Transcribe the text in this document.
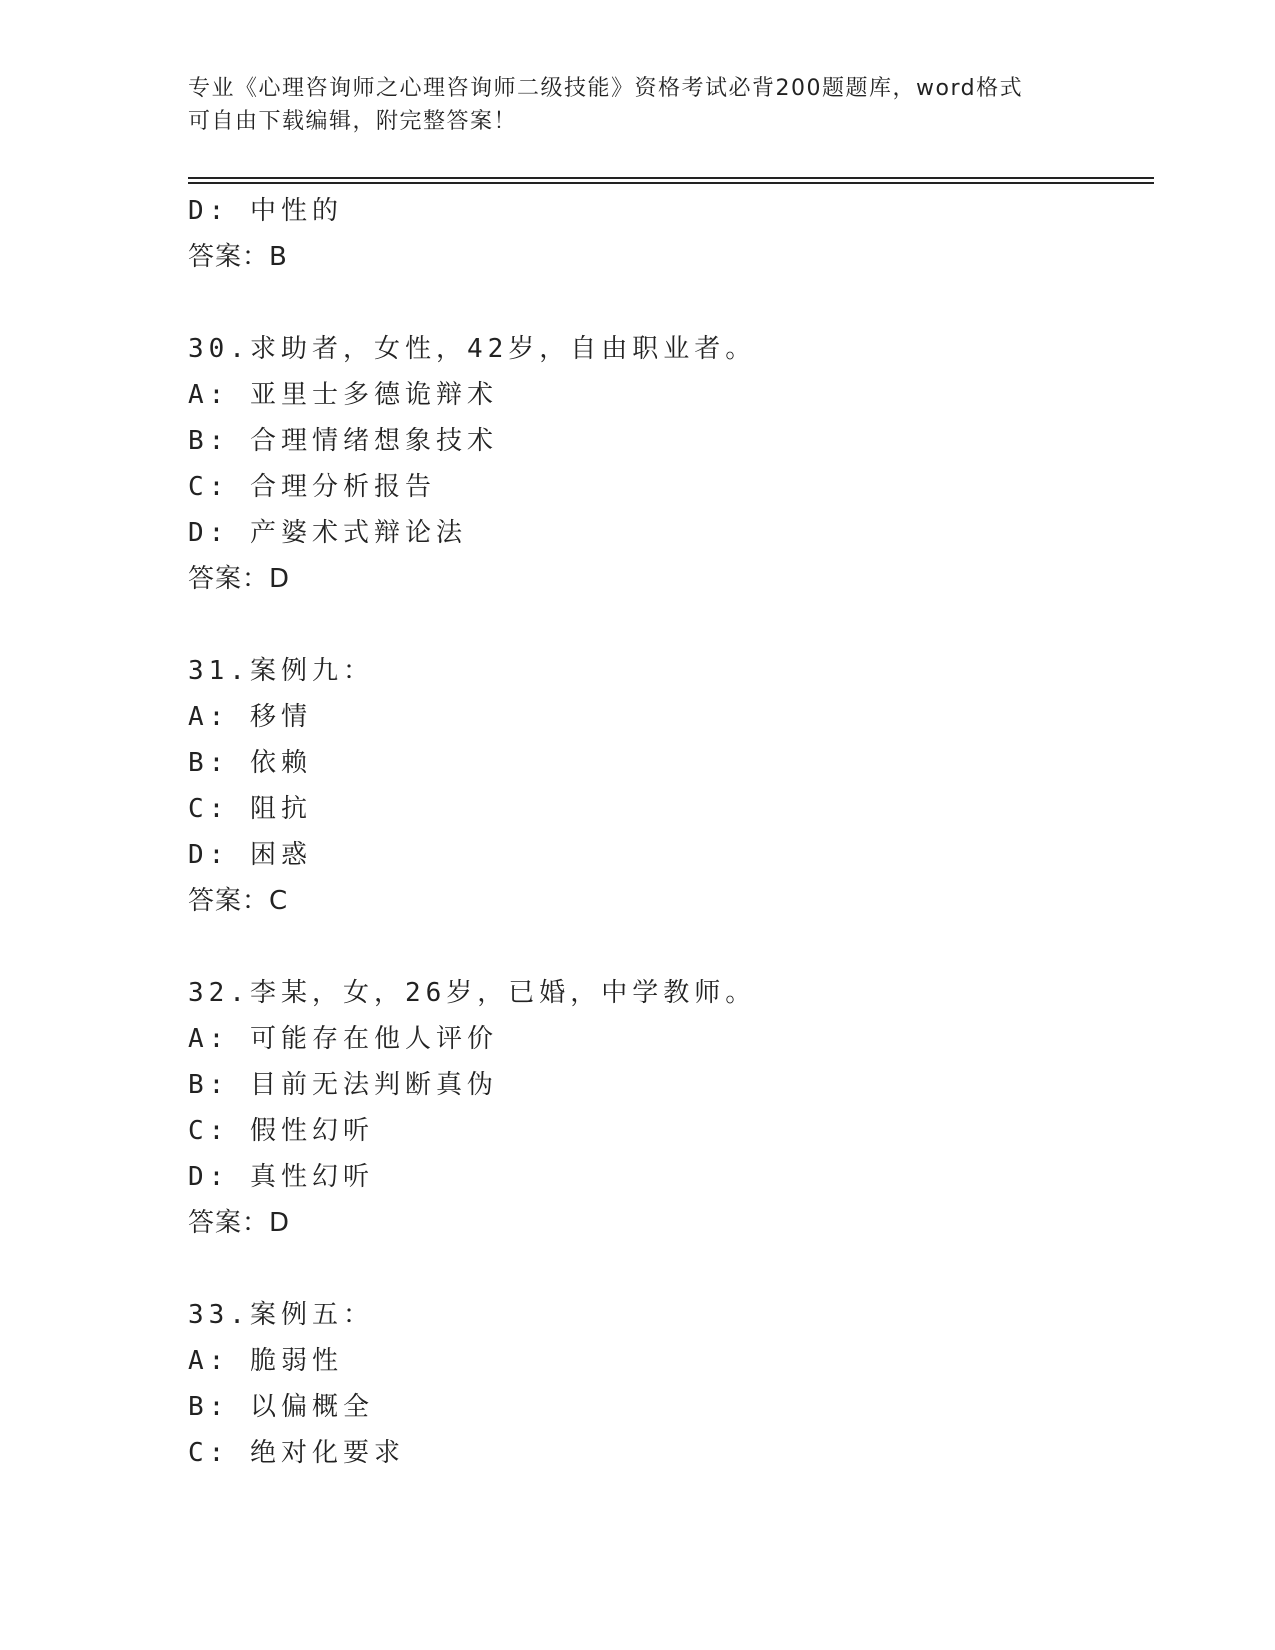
专业《心理咨询师之心理咨询师二级技能》资格考试必背200题题库，word格式
可自由下载编辑，附完整答案！
D: 中性的
答案：B
30.求助者，女性，42岁，自由职业者。
A: 亚里士多德诡辩术
B: 合理情绪想象技术
C: 合理分析报告
D: 产婆术式辩论法
答案：D
31.案例九：
A: 移情
B: 依赖
C: 阻抗
D: 困惑
答案：C
32.李某，女，26岁，已婚，中学教师。
A: 可能存在他人评价
B: 目前无法判断真伪
C: 假性幻听
D: 真性幻听
答案：D
33.案例五：
A: 脆弱性
B: 以偏概全
C: 绝对化要求
